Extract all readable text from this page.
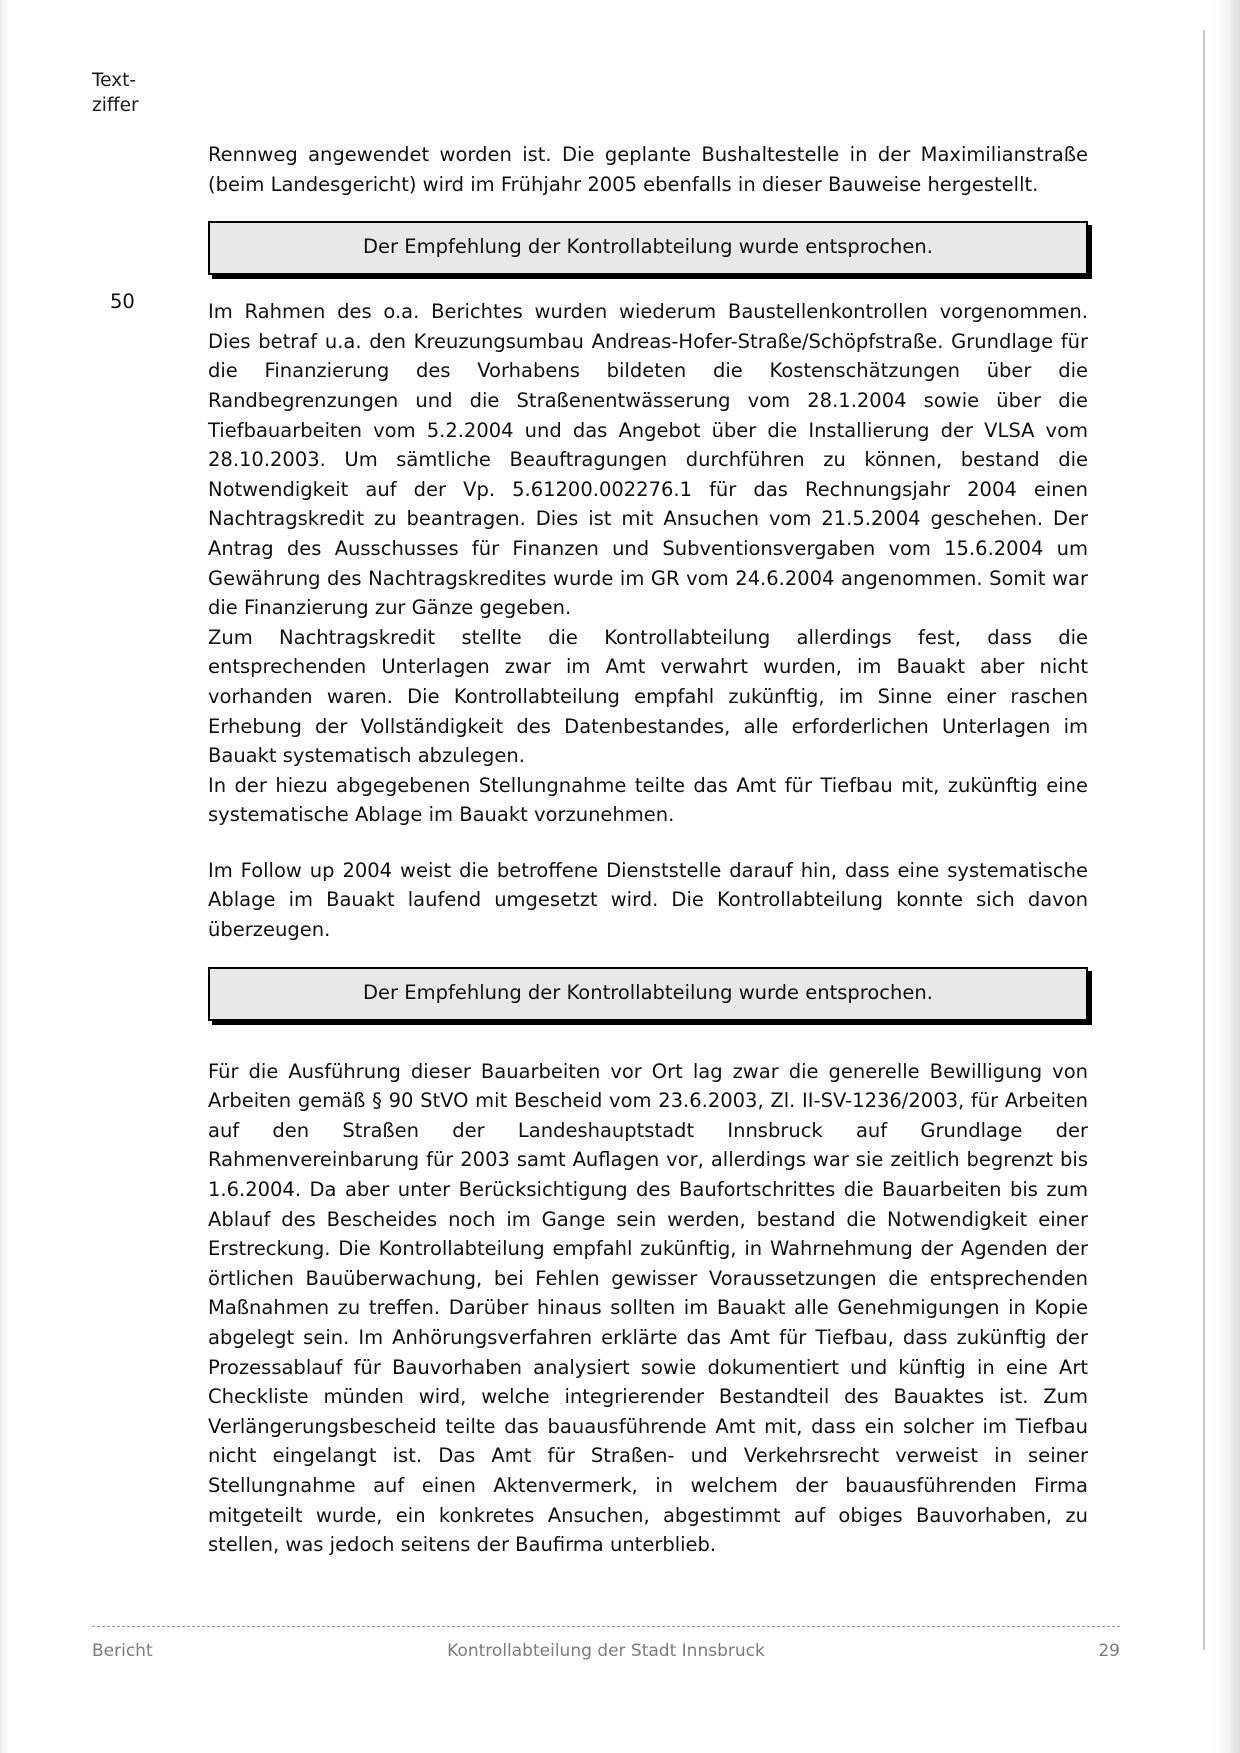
Text-
ziffer
50

Rennweg angewendet worden ist. Die geplante Bushaltestelle in der Maximilianstraße (beim Landesgericht) wird im Frühjahr 2005 ebenfalls in dieser Bauweise hergestellt.

Der Empfehlung der Kontrollabteilung wurde entsprochen.

Im Rahmen des o.a. Berichtes wurden wiederum Baustellenkontrollen vorgenommen. Dies betraf u.a. den Kreuzungsumbau Andreas-Hofer-Straße/Schöpfstraße. Grundlage für die Finanzierung des Vorhabens bildeten die Kostenschätzungen über die Randbegrenzungen und die Straßenentwässerung vom 28.1.2004 sowie über die Tiefbauarbeiten vom 5.2.2004 und das Angebot über die Installierung der VLSA vom 28.10.2003. Um sämtliche Beauftragungen durchführen zu können, bestand die Notwendigkeit auf der Vp. 5.61200.002276.1 für das Rechnungsjahr 2004 einen Nachtragskredit zu beantragen. Dies ist mit Ansuchen vom 21.5.2004 geschehen. Der Antrag des Ausschusses für Finanzen und Subventionsvergaben vom 15.6.2004 um Gewährung des Nachtragskredites wurde im GR vom 24.6.2004 angenommen. Somit war die Finanzierung zur Gänze gegeben.

Zum Nachtragskredit stellte die Kontrollabteilung allerdings fest, dass die entsprechenden Unterlagen zwar im Amt verwahrt wurden, im Bauakt aber nicht vorhanden waren. Die Kontrollabteilung empfahl zukünftig, im Sinne einer raschen Erhebung der Vollständigkeit des Datenbestandes, alle erforderlichen Unterlagen im Bauakt systematisch abzulegen.

In der hiezu abgegebenen Stellungnahme teilte das Amt für Tiefbau mit, zukünftig eine systematische Ablage im Bauakt vorzunehmen.

Im Follow up 2004 weist die betroffene Dienststelle darauf hin, dass eine systematische Ablage im Bauakt laufend umgesetzt wird. Die Kontrollabteilung konnte sich davon überzeugen.

Der Empfehlung der Kontrollabteilung wurde entsprochen.

Für die Ausführung dieser Bauarbeiten vor Ort lag zwar die generelle Bewilligung von Arbeiten gemäß § 90 StVO mit Bescheid vom 23.6.2003, Zl. II-SV-1236/2003, für Arbeiten auf den Straßen der Landeshauptstadt Innsbruck auf Grundlage der Rahmenvereinbarung für 2003 samt Auflagen vor, allerdings war sie zeitlich begrenzt bis 1.6.2004. Da aber unter Berücksichtigung des Baufortschrittes die Bauarbeiten bis zum Ablauf des Bescheides noch im Gange sein werden, bestand die Notwendigkeit einer Erstreckung. Die Kontrollabteilung empfahl zukünftig, in Wahrnehmung der Agenden der örtlichen Bauüberwachung, bei Fehlen gewisser Voraussetzungen die entsprechenden Maßnahmen zu treffen. Darüber hinaus sollten im Bauakt alle Genehmigungen in Kopie abgelegt sein. Im Anhörungsverfahren erklärte das Amt für Tiefbau, dass zukünftig der Prozessablauf für Bauvorhaben analysiert sowie dokumentiert und künftig in eine Art Checkliste münden wird, welche integrierender Bestandteil des Bauaktes ist. Zum Verlängerungsbescheid teilte das bauausführende Amt mit, dass ein solcher im Tiefbau nicht eingelangt ist. Das Amt für Straßen- und Verkehrsrecht verweist in seiner Stellungnahme auf einen Aktenvermerk, in welchem der bauausführenden Firma mitgeteilt wurde, ein konkretes Ansuchen, abgestimmt auf obiges Bauvorhaben, zu stellen, was jedoch seitens der Baufirma unterblieb.

Bericht	Kontrollabteilung der Stadt Innsbruck	29
